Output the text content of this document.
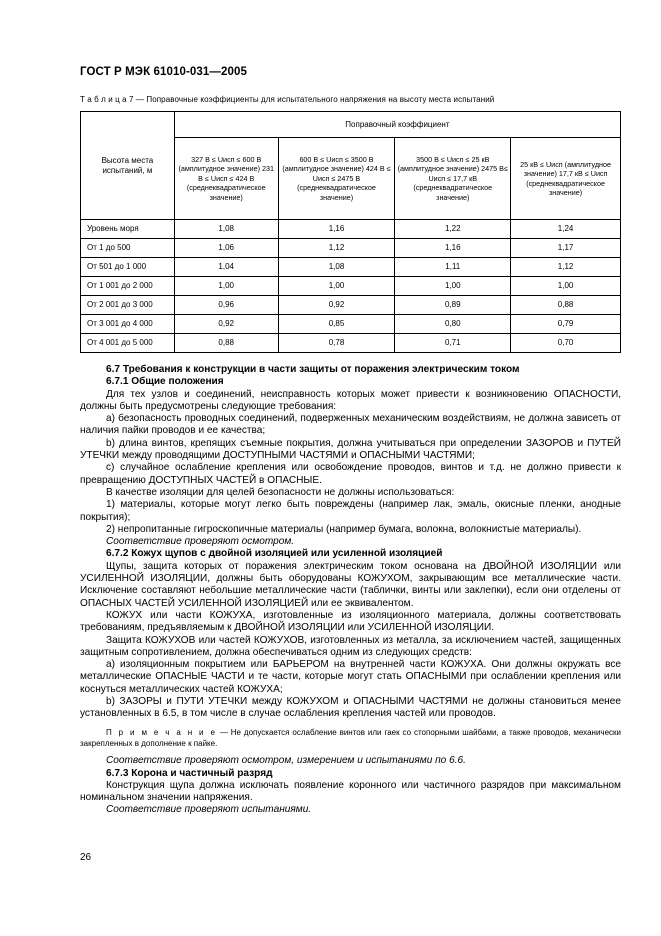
ГОСТ Р МЭК 61010-031—2005
Т а б л и ц а 7 — Поправочные коэффициенты для испытательного напряжения на высоту места испытаний
Высота места испытаний, м	Поправочный коэффициент			
	327 В ≤ Uисп ≤ 600 В (амплитудное значение) 231 В ≤ Uисп ≤ 424 В (среднеквадратическое значение)	600 В ≤ Uисп ≤ 3500 В (амплитудное значение) 424 В ≤ Uисп ≤ 2475 В (среднеквадратическое значение)	3500 В ≤ Uисп ≤ 25 кВ (амплитудное значение) 2475 В≤ Uисп ≤ 17,7 кВ (среднеквадратическое значение)	25 кВ ≤ Uисп (амплитудное значение) 17,7 кВ ≤ Uисп (среднеквадратическое значение)
Уровень моря	1,08	1,16	1,22	1,24
От 1 до 500	1,06	1,12	1,16	1,17
От 501 до 1 000	1,04	1,08	1,11	1,12
От 1 001 до 2 000	1,00	1,00	1,00	1,00
От 2 001 до 3 000	0,96	0,92	0,89	0,88
От 3 001 до 4 000	0,92	0,85	0,80	0,79
От 4 001 до 5 000	0,88	0,78	0,71	0,70

6.7 Требования к конструкции в части защиты от поражения электрическим током

6.7.1 Общие положения

Для тех узлов и соединений, неисправность которых может привести к возникновению ОПАСНОСТИ, должны быть предусмотрены следующие требования:

a) безопасность проводных соединений, подверженных механическим воздействиям, не должна зависеть от наличия пайки проводов и ее качества;

b) длина винтов, крепящих съемные покрытия, должна учитываться при определении ЗАЗОРОВ и ПУТЕЙ УТЕЧКИ между проводящими ДОСТУПНЫМИ ЧАСТЯМИ и ОПАСНЫМИ ЧАСТЯМИ;

c) случайное ослабление крепления или освобождение проводов, винтов и т.д. не должно привести к превращению ДОСТУПНЫХ ЧАСТЕЙ в ОПАСНЫЕ.

В качестве изоляции для целей безопасности не должны использоваться:

1) материалы, которые могут легко быть повреждены (например лак, эмаль, окисные пленки, анодные покрытия);

2) непропитанные гигроскопичные материалы (например бумага, волокна, волокнистые материалы).

Соответствие проверяют осмотром.

6.7.2 Кожух щупов с двойной изоляцией или усиленной изоляцией

Щупы, защита которых от поражения электрическим током основана на ДВОЙНОЙ ИЗОЛЯЦИИ или УСИЛЕННОЙ ИЗОЛЯЦИИ, должны быть оборудованы КОЖУХОМ, закрывающим все металлические части. Исключение составляют небольшие металлические части (таблички, винты или заклепки), если они отделены от ОПАСНЫХ ЧАСТЕЙ УСИЛЕННОЙ ИЗОЛЯЦИЕЙ или ее эквивалентом.

КОЖУХ или части КОЖУХА, изготовленные из изоляционного материала, должны соответствовать требованиям, предъявляемым к ДВОЙНОЙ ИЗОЛЯЦИИ или УСИЛЕННОЙ ИЗОЛЯЦИИ.

Защита КОЖУХОВ или частей КОЖУХОВ, изготовленных из металла, за исключением частей, защищенных защитным сопротивлением, должна обеспечиваться одним из следующих средств:

a) изоляционным покрытием или БАРЬЕРОМ на внутренней части КОЖУХА. Они должны окружать все металлические ОПАСНЫЕ ЧАСТИ и те части, которые могут стать ОПАСНЫМИ при ослаблении крепления или коснуться металлических частей КОЖУХА;

b) ЗАЗОРЫ и ПУТИ УТЕЧКИ между КОЖУХОМ и ОПАСНЫМИ ЧАСТЯМИ не должны становиться менее установленных в 6.5, в том числе в случае ослабления крепления частей или проводов.

П р и м е ч а н и е — Не допускается ослабление винтов или гаек со стопорными шайбами, а также проводов, механически закрепленных в дополнение к пайке.

Соответствие проверяют осмотром, измерением и испытаниями по 6.6.

6.7.3 Корона и частичный разряд

Конструкция щупа должна исключать появление коронного или частичного разрядов при максимальном номинальном значении напряжения.

Соответствие проверяют испытаниями.

26
